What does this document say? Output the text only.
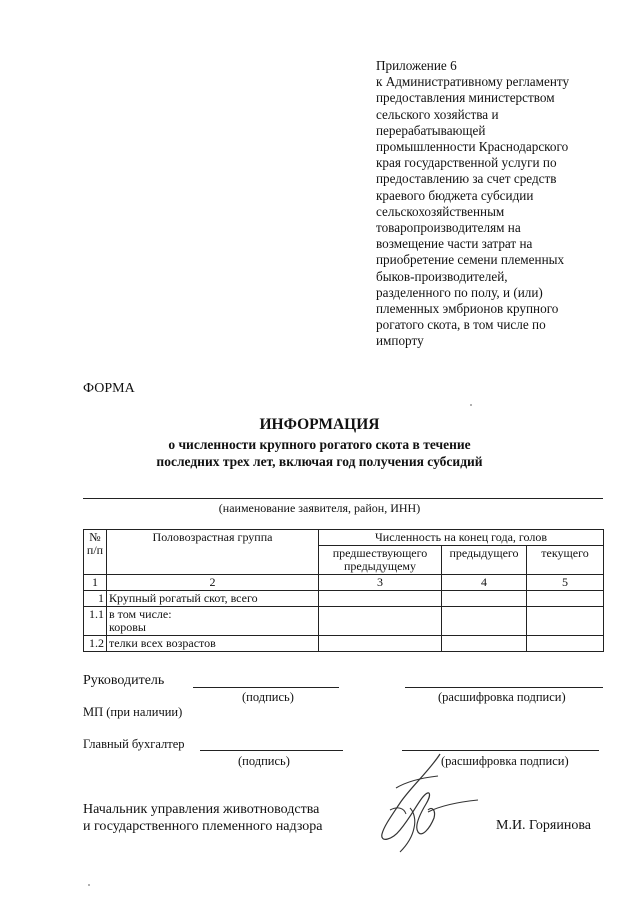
Приложение 6
к Административному регламенту
предоставления министерством
сельского хозяйства и
перерабатывающей
промышленности Краснодарского
края государственной услуги по
предоставлению за счет средств
краевого бюджета субсидии
сельскохозяйственным
товаропроизводителям на
возмещение части затрат на
приобретение семени племенных
быков-производителей,
разделенного по полу, и (или)
племенных эмбрионов крупного
рогатого скота, в том числе по
импорту
ФОРМА
ИНФОРМАЦИЯ
о численности крупного рогатого скота в течение
последних трех лет, включая год получения субсидий
(наименование заявителя, район, ИНН)
№ п/п	Половозрастная группа	Численность на конец года, голов		
		предшествующего предыдущему	предыдущего	текущего
1	2	3	4	5
1	Крупный рогатый скот, всего			
1.1	в том числе:
коровы			

1.2	телки всех возрастов			
Руководитель
(подпись)	(расшифровка подписи)
МП (при наличии)
Главный бухгалтер
(подпись)	(расшифровка подписи)
Начальник управления животноводства
и государственного племенного надзора	М.И. Горяинова
